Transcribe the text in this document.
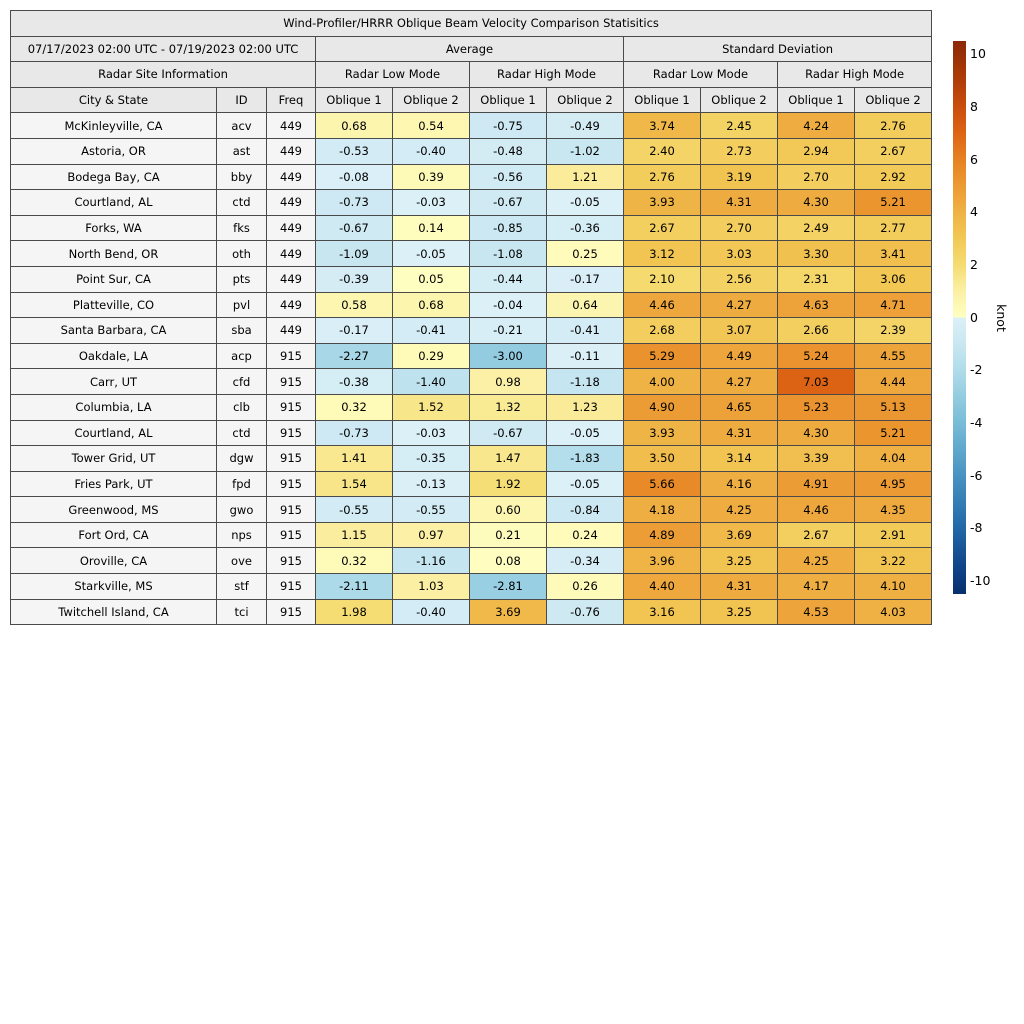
Wind-Profiler/HRRR Oblique Beam Velocity Comparison Statisitics										
07/17/2023 02:00 UTC - 07/19/2023 02:00 UTC			Average				Standard Deviation			
Radar Site Information			Radar Low Mode		Radar High Mode		Radar Low Mode		Radar High Mode	
City & State	ID	Freq	Oblique 1	Oblique 2	Oblique 1	Oblique 2	Oblique 1	Oblique 2	Oblique 1	Oblique 2
McKinleyville, CA	acv	449	0.68	0.54	-0.75	-0.49	3.74	2.45	4.24	2.76
Astoria, OR	ast	449	-0.53	-0.40	-0.48	-1.02	2.40	2.73	2.94	2.67
Bodega Bay, CA	bby	449	-0.08	0.39	-0.56	1.21	2.76	3.19	2.70	2.92
Courtland, AL	ctd	449	-0.73	-0.03	-0.67	-0.05	3.93	4.31	4.30	5.21
Forks, WA	fks	449	-0.67	0.14	-0.85	-0.36	2.67	2.70	2.49	2.77
North Bend, OR	oth	449	-1.09	-0.05	-1.08	0.25	3.12	3.03	3.30	3.41
Point Sur, CA	pts	449	-0.39	0.05	-0.44	-0.17	2.10	2.56	2.31	3.06
Platteville, CO	pvl	449	0.58	0.68	-0.04	0.64	4.46	4.27	4.63	4.71
Santa Barbara, CA	sba	449	-0.17	-0.41	-0.21	-0.41	2.68	3.07	2.66	2.39
Oakdale, LA	acp	915	-2.27	0.29	-3.00	-0.11	5.29	4.49	5.24	4.55
Carr, UT	cfd	915	-0.38	-1.40	0.98	-1.18	4.00	4.27	7.03	4.44
Columbia, LA	clb	915	0.32	1.52	1.32	1.23	4.90	4.65	5.23	5.13
Courtland, AL	ctd	915	-0.73	-0.03	-0.67	-0.05	3.93	4.31	4.30	5.21
Tower Grid, UT	dgw	915	1.41	-0.35	1.47	-1.83	3.50	3.14	3.39	4.04
Fries Park, UT	fpd	915	1.54	-0.13	1.92	-0.05	5.66	4.16	4.91	4.95
Greenwood, MS	gwo	915	-0.55	-0.55	0.60	-0.84	4.18	4.25	4.46	4.35
Fort Ord, CA	nps	915	1.15	0.97	0.21	0.24	4.89	3.69	2.67	2.91
Oroville, CA	ove	915	0.32	-1.16	0.08	-0.34	3.96	3.25	4.25	3.22
Starkville, MS	stf	915	-2.11	1.03	-2.81	0.26	4.40	4.31	4.17	4.10
Twitchell Island, CA	tci	915	1.98	-0.40	3.69	-0.76	3.16	3.25	4.53	4.03
10
8
6
4
2
0
-2
-4
-6
-8
-10
knot
